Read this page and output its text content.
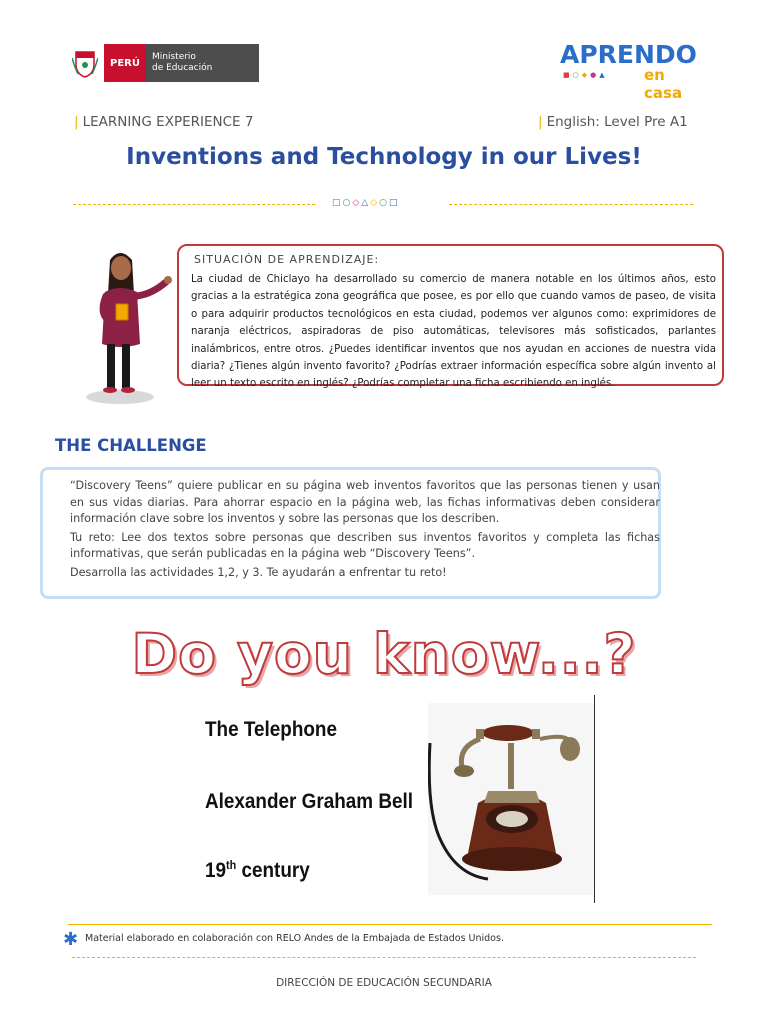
PERÚ
Ministerio
de Educación	APRENDO
■○◆●▲ en casa
| LEARNING EXPERIENCE 7	| English: Level Pre A1
Inventions and Technology in our Lives!
□○◇△◇○□
SITUACIÓN DE APRENDIZAJE:
La ciudad de Chiclayo ha desarrollado su comercio de manera notable en los últimos años, esto gracias a la estratégica zona geográfica que posee, es por ello que cuando vamos de paseo, de visita o para adquirir productos tecnológicos en esta ciudad, podemos ver algunos como: exprimidores de naranja eléctricos, aspiradoras de piso automáticas, televisores más sofisticados, parlantes inalámbricos, entre otros. ¿Puedes identificar inventos que nos ayudan en acciones de nuestra vida diaria? ¿Tienes algún invento favorito? ¿Podrías extraer información específica sobre algún invento al leer un texto escrito en inglés? ¿Podrías completar una ficha escribiendo en inglés.
THE CHALLENGE

“Discovery Teens” quiere publicar en su página web inventos favoritos que las personas tienen y usan en sus vidas diarias. Para ahorrar espacio en la página web, las fichas informativas deben considerar información clave sobre los inventos y sobre las personas que los describen.

Tu reto: Lee dos textos sobre personas que describen sus inventos favoritos y completa las fichas informativas, que serán publicadas en la página web “Discovery Teens”.

Desarrolla las actividades 1,2, y 3. Te ayudarán a enfrentar tu reto!

Do you know...?
The Telephone
Alexander Graham Bell
19th century
✱ Material elaborado en colaboración con RELO Andes de la Embajada de Estados Unidos.
DIRECCIÓN DE EDUCACIÓN SECUNDARIA
